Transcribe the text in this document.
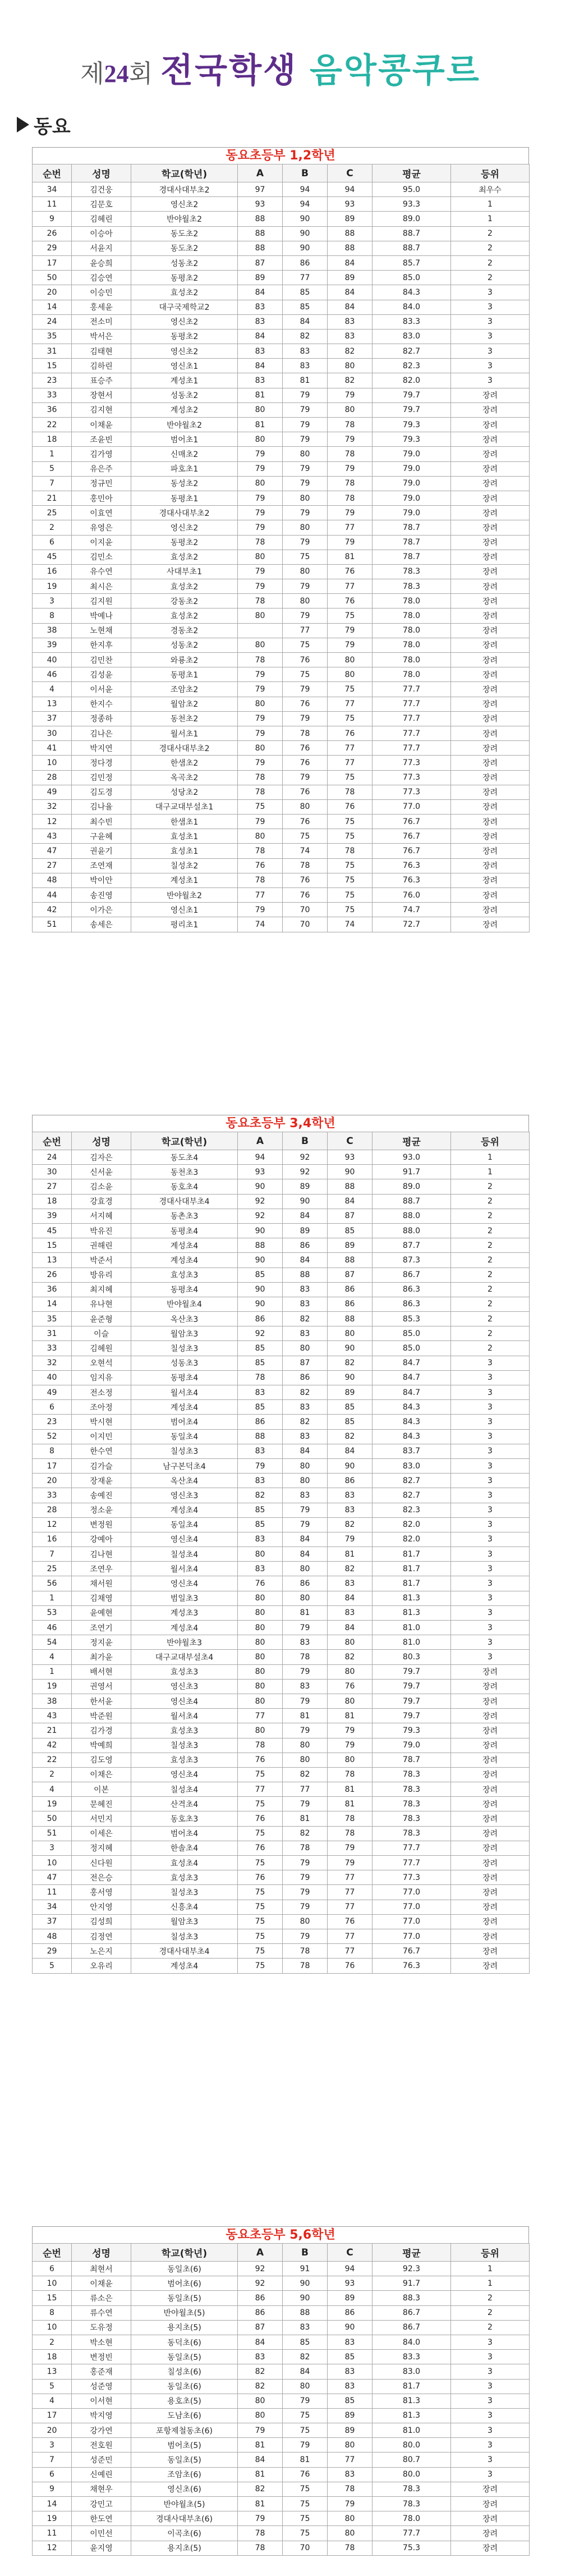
제24회 전국학생 음악콩쿠르
동요
동요초등부 1,2학년
순번	성명	학교(학년)	A	B	C	평균	등위
34	김건웅	경대사대부초2	97	94	94	95.0	최우수
11	김문호	영신초2	93	94	93	93.3	1
9	김혜린	반야월초2	88	90	89	89.0	1
26	이승아	동도초2	88	90	88	88.7	2
29	서윤지	동도초2	88	90	88	88.7	2
17	윤승희	성동초2	87	86	84	85.7	2
50	김승연	동평초2	89	77	89	85.0	2
20	이승민	효성초2	84	85	84	84.3	3
14	홍세윤	대구국제학교2	83	85	84	84.0	3
24	전소미	영신초2	83	84	83	83.3	3
35	박서은	동평초2	84	82	83	83.0	3
31	김태현	영신초2	83	83	82	82.7	3
15	김하린	영신초1	84	83	80	82.3	3
23	표승주	계성초1	83	81	82	82.0	3
33	장현서	성동초2	81	79	79	79.7	장려
36	김지현	계성초2	80	79	80	79.7	장려
22	이채윤	반야월초2	81	79	78	79.3	장려
18	조윤빈	범어초1	80	79	79	79.3	장려
1	김가영	신매초2	79	80	78	79.0	장려
5	유은주	파호초1	79	79	79	79.0	장려
7	정규민	동성초2	80	79	78	79.0	장려
21	홍민아	동평초1	79	80	78	79.0	장려
25	이효연	경대사대부초2	79	79	79	79.0	장려
2	유영은	영신초2	79	80	77	78.7	장려
6	이지윤	동평초2	78	79	79	78.7	장려
45	김민소	효성초2	80	75	81	78.7	장려
16	유수연	사대부초1	79	80	76	78.3	장려
19	최시은	효성초2	79	79	77	78.3	장려
3	김지원	강동초2	78	80	76	78.0	장려
8	박예나	효성초2	80	79	75	78.0	장려
38	노현채	경동초2		77	79	78.0	장려
39	한지후	성동초2	80	75	79	78.0	장려
40	김민찬	와룡초2	78	76	80	78.0	장려
46	김성윤	동평초1	79	75	80	78.0	장려
4	이서윤	조암초2	79	79	75	77.7	장려
13	한지수	월암초2	80	76	77	77.7	장려
37	정종하	동천초2	79	79	75	77.7	장려
30	김나은	월서초1	79	78	76	77.7	장려
41	박지연	경대사대부초2	80	76	77	77.7	장려
10	정다경	한샘초2	79	76	77	77.3	장려
28	김민정	옥곡초2	78	79	75	77.3	장려
49	김도경	성당초2	78	76	78	77.3	장려
32	김나율	대구교대부설초1	75	80	76	77.0	장려
12	최수빈	한샘초1	79	76	75	76.7	장려
43	구윤혜	효성초1	80	75	75	76.7	장려
47	권윤기	효성초1	78	74	78	76.7	장려
27	조연재	칠성초2	76	78	75	76.3	장려
48	박이안	계성초1	78	76	75	76.3	장려
44	송진영	반야월초2	77	76	75	76.0	장려
42	이가은	영신초1	79	70	75	74.7	장려
51	송세은	평리초1	74	70	74	72.7	장려
동요초등부 3,4학년
순번	성명	학교(학년)	A	B	C	평균	등위
24	김자은	동도초4	94	92	93	93.0	1
30	신서윤	동천초3	93	92	90	91.7	1
27	김소윤	동호초4	90	89	88	89.0	2
18	강효경	경대사대부초4	92	90	84	88.7	2
39	서지혜	동촌초3	92	84	87	88.0	2
45	박유진	동평초4	90	89	85	88.0	2
15	권해린	계성초4	88	86	89	87.7	2
13	박준서	계성초4	90	84	88	87.3	2
26	방유리	효성초3	85	88	87	86.7	2
36	최지혜	동평초4	90	83	86	86.3	2
14	유나현	반야월초4	90	83	86	86.3	2
35	윤준형	옥산초3	86	82	88	85.3	2
31	이슬	월암초3	92	83	80	85.0	2
33	김혜원	칠성초3	85	80	90	85.0	2
32	오현석	성동초3	85	87	82	84.7	3
40	임지유	동평초4	78	86	90	84.7	3
49	전소정	월서초4	83	82	89	84.7	3
6	조아정	계성초4	85	83	85	84.3	3
23	박시현	범어초4	86	82	85	84.3	3
52	이지민	동일초4	88	83	82	84.3	3
8	한수연	칠성초3	83	84	84	83.7	3
17	김가슬	남구본덕초4	79	80	90	83.0	3
20	장재윤	옥산초4	83	80	86	82.7	3
33	송예진	영신초3	82	83	83	82.7	3
28	정소윤	계성초4	85	79	83	82.3	3
12	변정원	동일초4	85	79	82	82.0	3
16	강예아	영신초4	83	84	79	82.0	3
7	김나현	칠성초4	80	84	81	81.7	3
25	조연우	월서초4	83	80	82	81.7	3
56	채서원	영신초4	76	86	83	81.7	3
1	김채영	범일초3	80	80	84	81.3	3
53	윤예현	계성초3	80	81	83	81.3	3
46	조연기	계성초4	80	79	84	81.0	3
54	정지윤	반야월초3	80	83	80	81.0	3
4	최가윤	대구교대부설초4	80	78	82	80.3	3
1	배서현	효성초3	80	79	80	79.7	장려
19	권영서	영신초3	80	83	76	79.7	장려
38	한서윤	영신초4	80	79	80	79.7	장려
43	박준원	월서초4	77	81	81	79.7	장려
21	김가경	효성초3	80	79	79	79.3	장려
42	박예희	칠성초3	78	80	79	79.0	장려
22	김도영	효성초3	76	80	80	78.7	장려
2	이채은	영신초4	75	82	78	78.3	장려
4	이본	칠성초4	77	77	81	78.3	장려
19	문혜진	산격초4	75	79	81	78.3	장려
50	서민지	동호초3	76	81	78	78.3	장려
51	이세은	범어초4	75	82	78	78.3	장려
3	정지혜	한솔초4	76	78	79	77.7	장려
10	신다원	효성초4	75	79	79	77.7	장려
47	전은승	효성초3	76	79	77	77.3	장려
11	홍서영	칠성초3	75	79	77	77.0	장려
34	안지영	신흥초4	75	79	77	77.0	장려
37	김성희	월암초3	75	80	76	77.0	장려
48	김정연	칠성초3	75	79	77	77.0	장려
29	노은지	경대사대부초4	75	78	77	76.7	장려
5	오유리	계성초4	75	78	76	76.3	장려
동요초등부 5,6학년
순번	성명	학교(학년)	A	B	C	평균	등위
6	최현서	동일초(6)	92	91	94	92.3	1
10	이채윤	범어초(6)	92	90	93	91.7	1
15	류소은	동일초(5)	86	90	89	88.3	2
8	류수연	반야월초(5)	86	88	86	86.7	2
10	도유정	용지초(5)	87	83	90	86.7	2
2	박소현	동덕초(6)	84	85	83	84.0	3
18	변정빈	동일초(5)	83	82	85	83.3	3
13	홍준재	칠성초(6)	82	84	83	83.0	3
5	성준영	동일초(6)	82	80	83	81.7	3
4	이서현	용호초(5)	80	79	85	81.3	3
17	박지영	도남초(6)	80	75	89	81.3	3
20	강가연	포항제철동초(6)	79	75	89	81.0	3
3	전호원	범어초(5)	81	79	80	80.0	3
7	성준민	동일초(5)	84	81	77	80.7	3
6	신예린	조암초(6)	81	76	83	80.0	3
9	채현우	영신초(6)	82	75	78	78.3	장려
14	강민고	반야월초(5)	81	75	79	78.3	장려
19	한도연	경대사대부초(6)	79	75	80	78.0	장려
11	이민선	이곡초(6)	78	75	80	77.7	장려
12	윤지영	용지초(5)	78	70	78	75.3	장려
